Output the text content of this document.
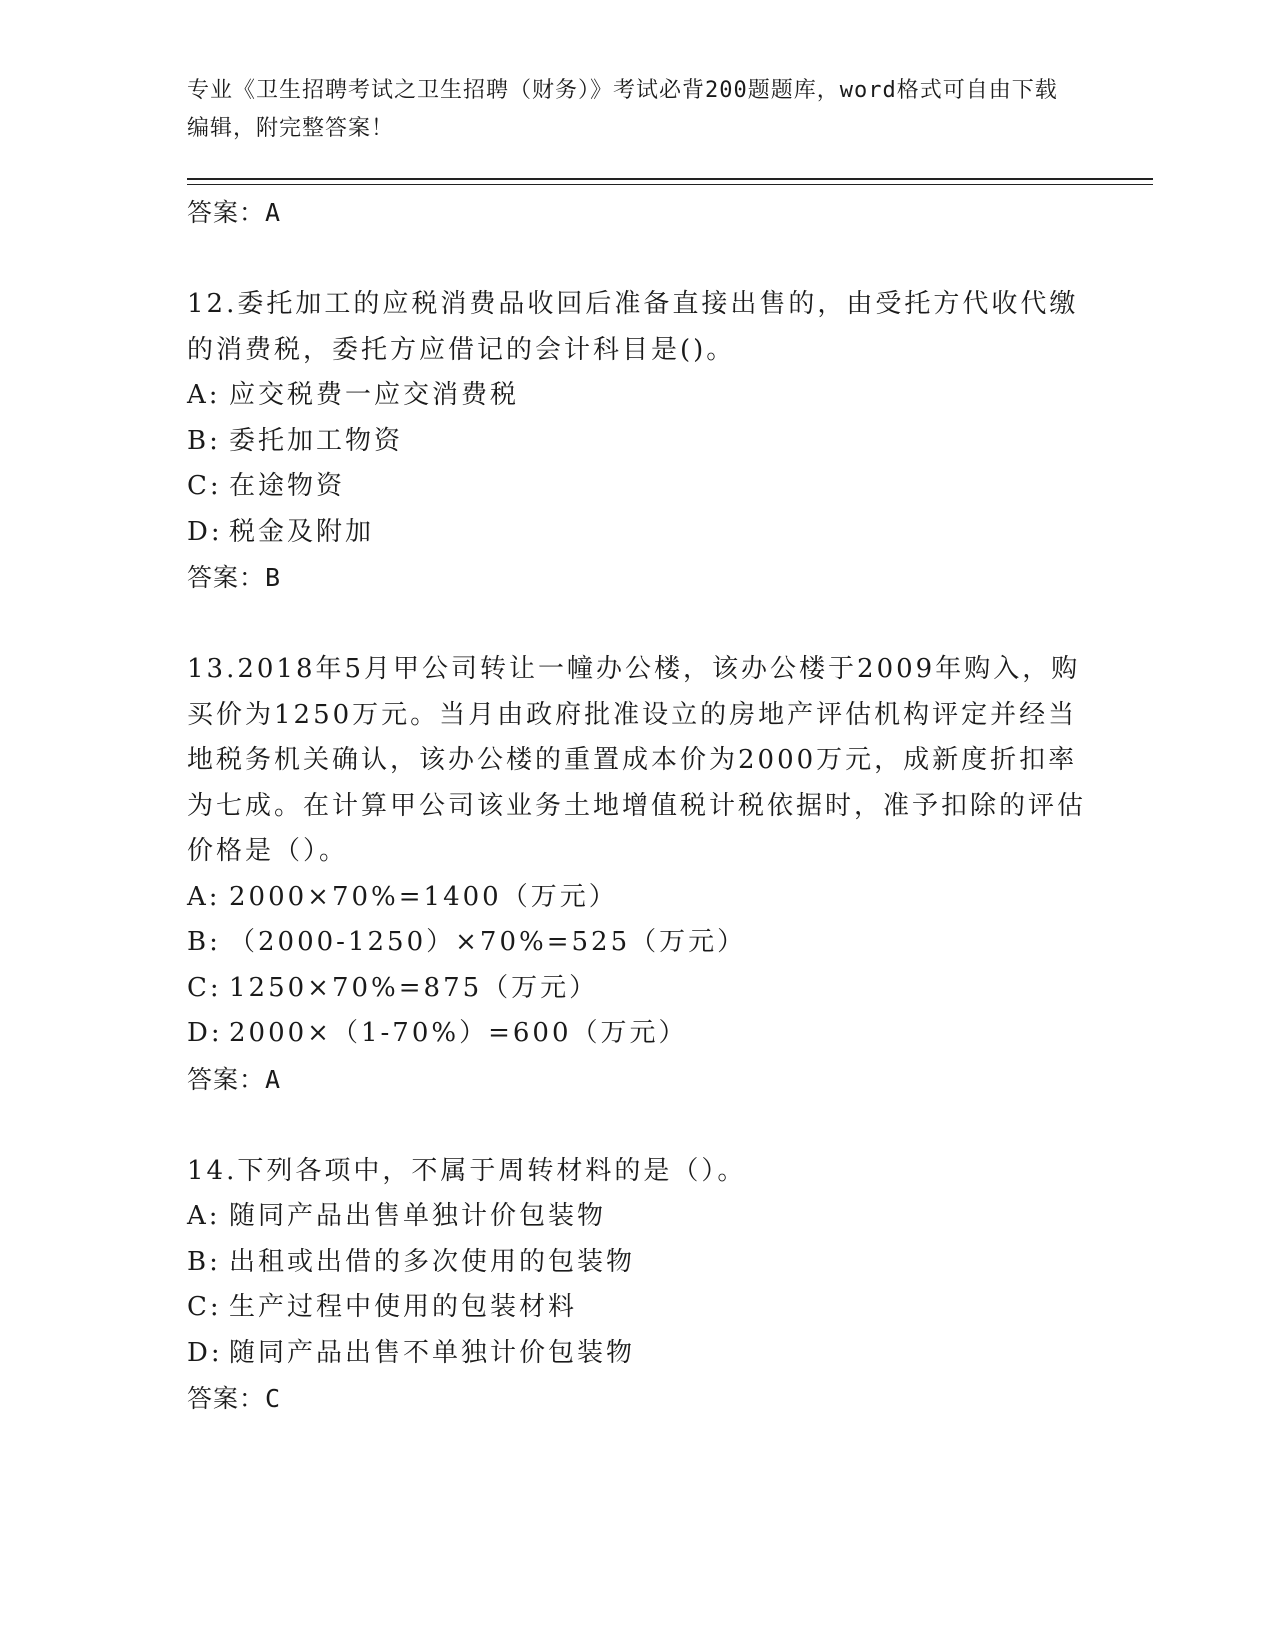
专业《卫生招聘考试之卫生招聘（财务）》考试必背200题题库，word格式可自由下载编辑，附完整答案！
答案：A
12.委托加工的应税消费品收回后准备直接出售的，由受托方代收代缴的消费税，委托方应借记的会计科目是()。
A: 应交税费一应交消费税
B: 委托加工物资
C: 在途物资
D: 税金及附加
答案：B
13.2018年5月甲公司转让一幢办公楼，该办公楼于2009年购入，购买价为1250万元。当月由政府批准设立的房地产评估机构评定并经当地税务机关确认，该办公楼的重置成本价为2000万元，成新度折扣率为七成。在计算甲公司该业务土地增值税计税依据时，准予扣除的评估价格是（）。
A: 2000×70%=1400（万元）
B: （2000-1250）×70%=525（万元）
C: 1250×70%=875（万元）
D: 2000×（1-70%）=600（万元）
答案：A
14.下列各项中，不属于周转材料的是（）。
A: 随同产品出售单独计价包装物
B: 出租或出借的多次使用的包装物
C: 生产过程中使用的包装材料
D: 随同产品出售不单独计价包装物
答案：C
